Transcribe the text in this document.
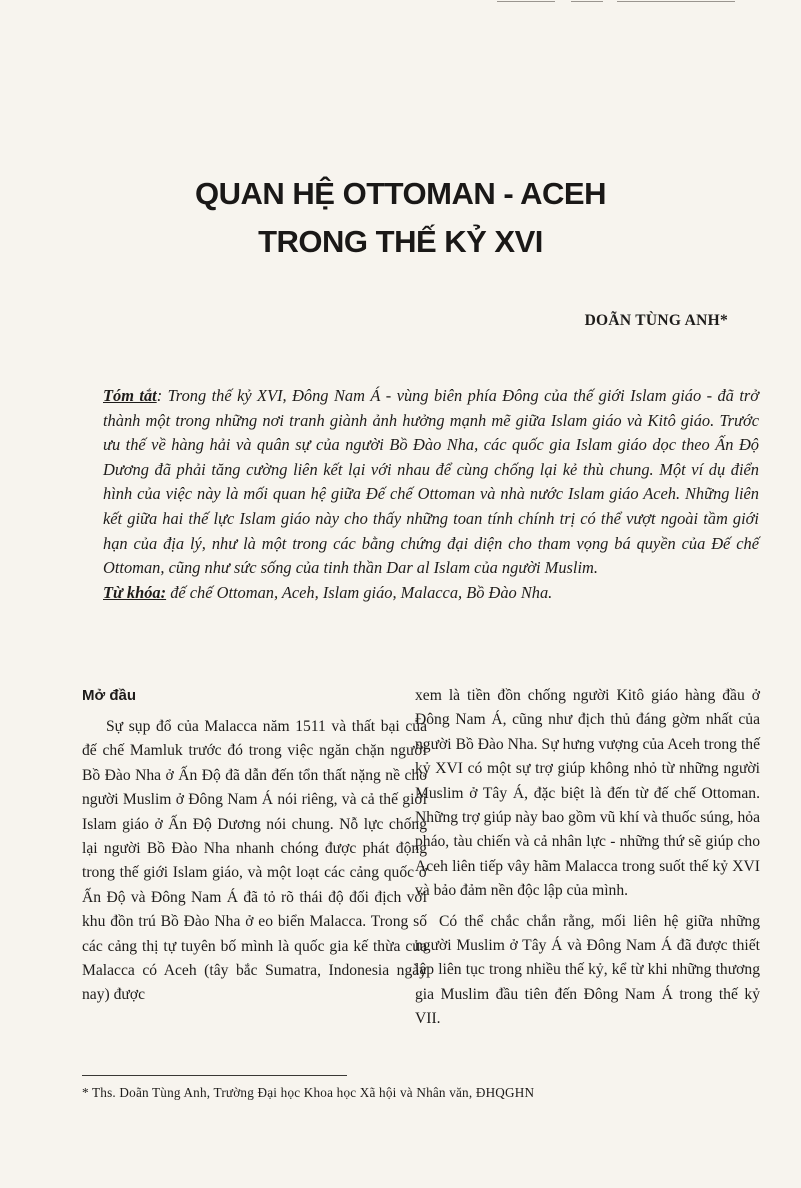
QUAN HỆ OTTOMAN - ACEH
TRONG THẾ KỶ XVI
DOÃN TÙNG ANH*
Tóm tắt: Trong thế kỷ XVI, Đông Nam Á - vùng biên phía Đông của thế giới Islam giáo - đã trở thành một trong những nơi tranh giành ảnh hưởng mạnh mẽ giữa Islam giáo và Kitô giáo. Trước ưu thế về hàng hải và quân sự của người Bồ Đào Nha, các quốc gia Islam giáo dọc theo Ấn Độ Dương đã phải tăng cường liên kết lại với nhau để cùng chống lại kẻ thù chung. Một ví dụ điển hình của việc này là mối quan hệ giữa Đế chế Ottoman và nhà nước Islam giáo Aceh. Những liên kết giữa hai thế lực Islam giáo này cho thấy những toan tính chính trị có thể vượt ngoài tầm giới hạn của địa lý, như là một trong các bằng chứng đại diện cho tham vọng bá quyền của Đế chế Ottoman, cũng như sức sống của tinh thần Dar al Islam của người Muslim.
Từ khóa: đế chế Ottoman, Aceh, Islam giáo, Malacca, Bồ Đào Nha.
Mở đầu

Sự sụp đổ của Malacca năm 1511 và thất bại của đế chế Mamluk trước đó trong việc ngăn chặn người Bồ Đào Nha ở Ấn Độ đã dẫn đến tổn thất nặng nề cho người Muslim ở Đông Nam Á nói riêng, và cả thế giới Islam giáo ở Ấn Độ Dương nói chung. Nỗ lực chống lại người Bồ Đào Nha nhanh chóng được phát động trong thế giới Islam giáo, và một loạt các cảng quốc ở Ấn Độ và Đông Nam Á đã tỏ rõ thái độ đối địch với khu đồn trú Bồ Đào Nha ở eo biển Malacca. Trong số các cảng thị tự tuyên bố mình là quốc gia kế thừa của Malacca có Aceh (tây bắc Sumatra, Indonesia ngày nay) được

xem là tiền đồn chống người Kitô giáo hàng đầu ở Đông Nam Á, cũng như địch thủ đáng gờm nhất của người Bồ Đào Nha. Sự hưng vượng của Aceh trong thế kỷ XVI có một sự trợ giúp không nhỏ từ những người Muslim ở Tây Á, đặc biệt là đến từ đế chế Ottoman. Những trợ giúp này bao gồm vũ khí và thuốc súng, hỏa pháo, tàu chiến và cả nhân lực - những thứ sẽ giúp cho Aceh liên tiếp vây hãm Malacca trong suốt thế kỷ XVI và bảo đảm nền độc lập của mình.

Có thể chắc chắn rằng, mối liên hệ giữa những người Muslim ở Tây Á và Đông Nam Á đã được thiết lập liên tục trong nhiều thế kỷ, kể từ khi những thương gia Muslim đầu tiên đến Đông Nam Á trong thế kỷ VII.

* Ths. Doãn Tùng Anh, Trường Đại học Khoa học Xã hội và Nhân văn, ĐHQGHN
